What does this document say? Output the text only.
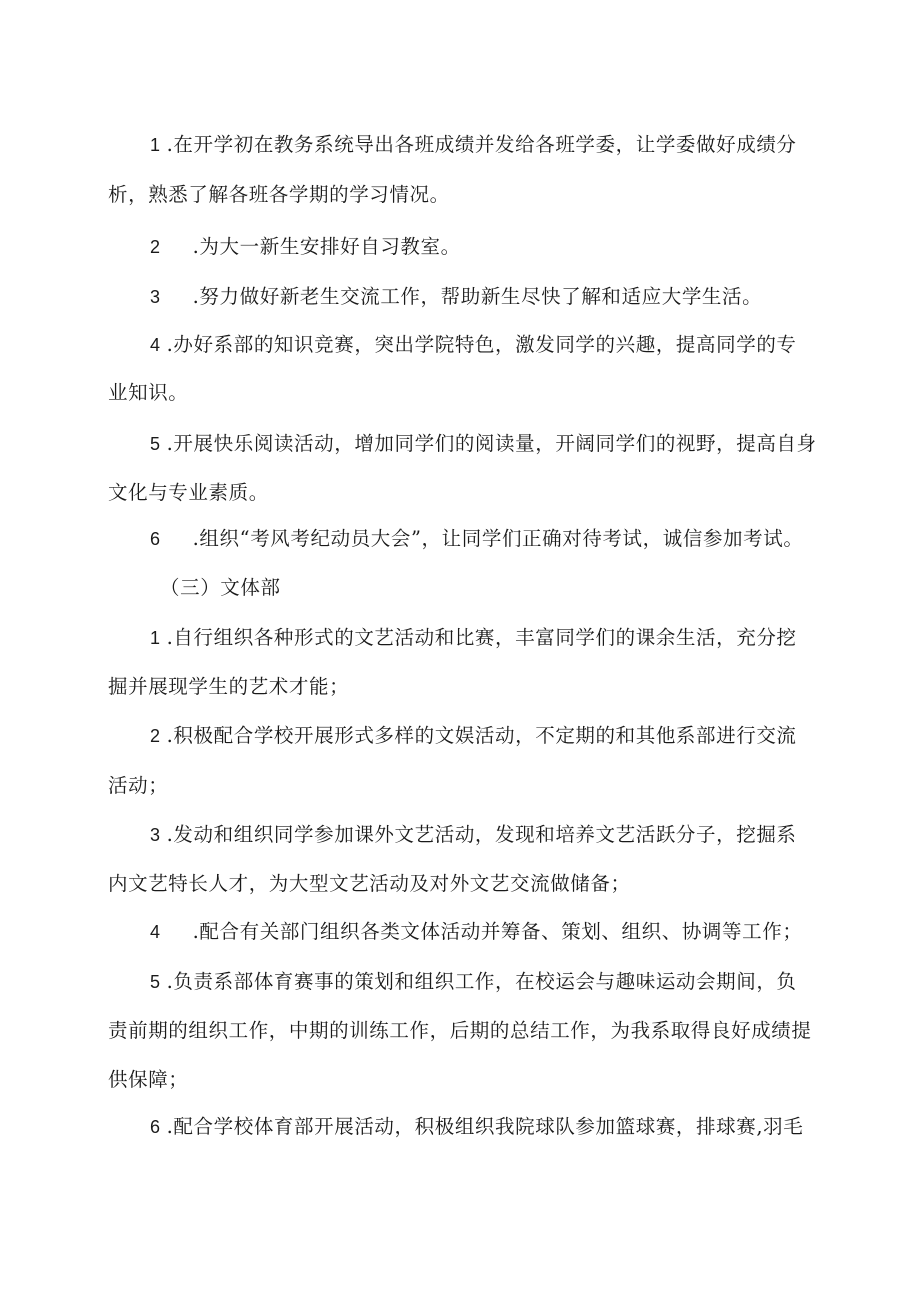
1 .在开学初在教务系统导出各班成绩并发给各班学委，让学委做好成绩分
析，熟悉了解各班各学期的学习情况。
2 .为大一新生安排好自习教室。
3 .努力做好新老生交流工作，帮助新生尽快了解和适应大学生活。
4 .办好系部的知识竞赛，突出学院特色，激发同学的兴趣，提高同学的专
业知识。
5 .开展快乐阅读活动，增加同学们的阅读量，开阔同学们的视野，提高自身
文化与专业素质。
6 .组织“考风考纪动员大会”，让同学们正确对待考试，诚信参加考试。
（三）文体部
1 .自行组织各种形式的文艺活动和比赛，丰富同学们的课余生活，充分挖
掘并展现学生的艺术才能；
2 .积极配合学校开展形式多样的文娱活动，不定期的和其他系部进行交流
活动；
3 .发动和组织同学参加课外文艺活动，发现和培养文艺活跃分子，挖掘系
内文艺特长人才，为大型文艺活动及对外文艺交流做储备；
4 .配合有关部门组织各类文体活动并筹备、策划、组织、协调等工作；
5 .负责系部体育赛事的策划和组织工作，在校运会与趣味运动会期间，负
责前期的组织工作，中期的训练工作，后期的总结工作，为我系取得良好成绩提
供保障；
6 .配合学校体育部开展活动，积极组织我院球队参加篮球赛，排球赛,羽毛
